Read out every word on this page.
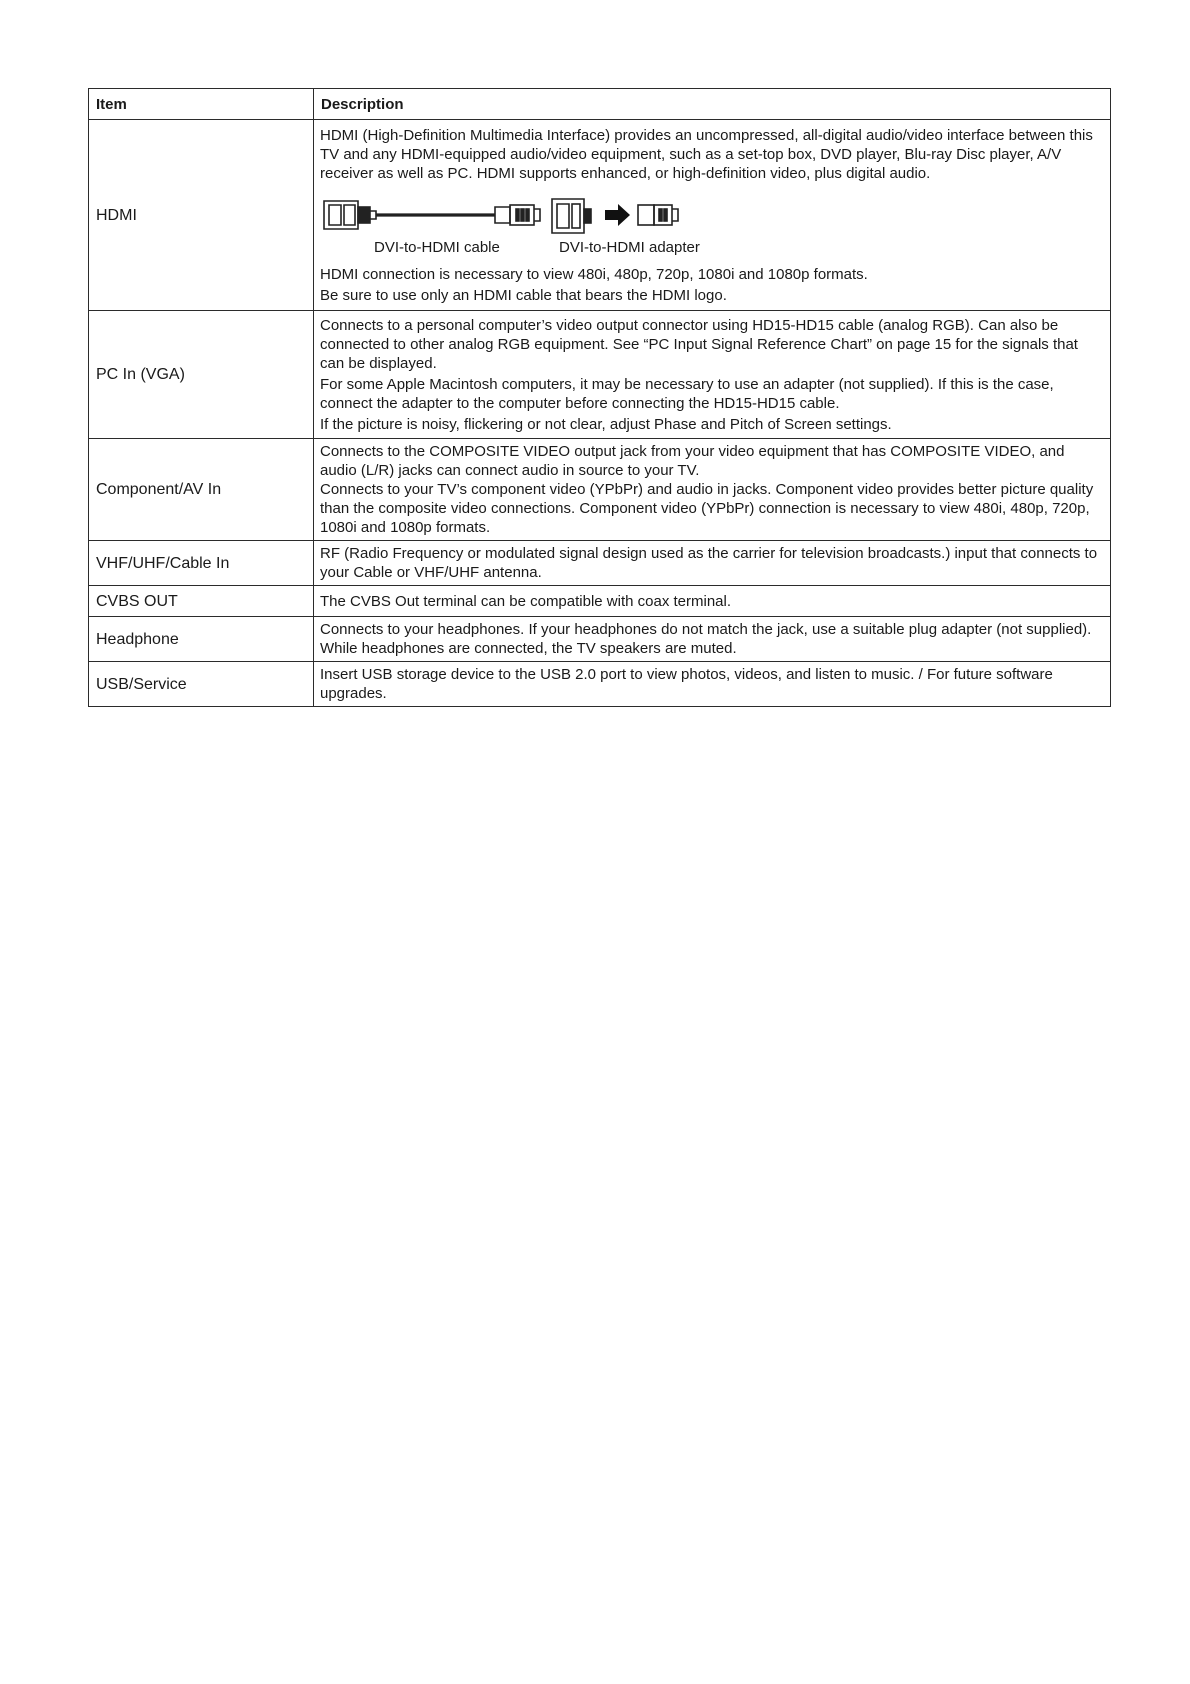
Item	Description
HDMI	HDMI (High-Definition Multimedia Interface) provides an uncompressed, all-digital audio/video interface between this TV and any HDMI-equipped audio/video equipment, such as a set-top box, DVD player, Blu-ray Disc player, A/V receiver as well as PC. HDMI supports enhanced, or high-definition video, plus digital audio.

DVI-to-HDMI cable DVI-to-HDMI adapter

HDMI connection is necessary to view 480i, 480p, 720p, 1080i and 1080p formats.

Be sure to use only an HDMI cable that bears the HDMI logo.

PC In (VGA)	Connects to a personal computer’s video output connector using HD15-HD15 cable (analog RGB). Can also be connected to other analog RGB equipment. See “PC Input Signal Reference Chart” on page 15 for the signals that can be displayed.

For some Apple Macintosh computers, it may be necessary to use an adapter (not supplied). If this is the case, connect the adapter to the computer before connecting the HD15-HD15 cable.

If the picture is noisy, flickering or not clear, adjust Phase and Pitch of Screen settings.

Component/AV In	Connects to the COMPOSITE VIDEO output jack from your video equipment that has COMPOSITE VIDEO, and audio (L/R) jacks can connect audio in source to your TV.

Connects to your TV’s component video (YPbPr) and audio in jacks. Component video provides better picture quality than the composite video connections. Component video (YPbPr) connection is necessary to view 480i, 480p, 720p, 1080i and 1080p formats.

VHF/UHF/Cable In	RF (Radio Frequency or modulated signal design used as the carrier for television broadcasts.) input that connects to your Cable or VHF/UHF antenna.
CVBS OUT	The CVBS Out terminal can be compatible with coax terminal.
Headphone	Connects to your headphones. If your headphones do not match the jack, use a suitable plug adapter (not supplied). While headphones are connected, the TV speakers are muted.
USB/Service	Insert USB storage device to the USB 2.0 port to view photos, videos, and listen to music. / For future software upgrades.
